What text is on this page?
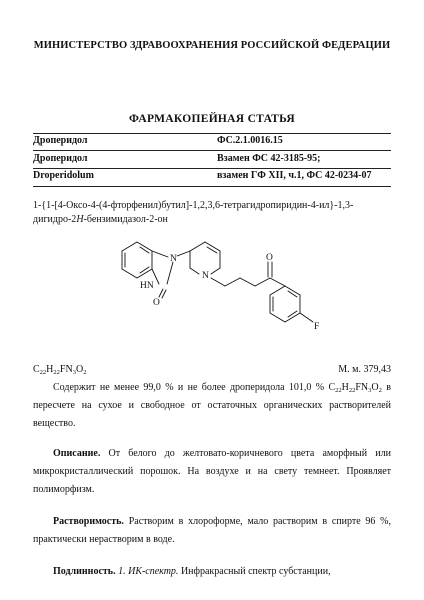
МИНИСТЕРСТВО ЗДРАВООХРАНЕНИЯ РОССИЙСКОЙ ФЕДЕРАЦИИ
ФАРМАКОПЕЙНАЯ СТАТЬЯ
Дроперидол	ФС.2.1.0016.15
Дроперидол	Взамен ФС 42-3185-95;
Droperidolum	взамен ГФ XII, ч.1, ФС 42-0234-07
1-{1-[4-Оксо-4-(4-фторфенил)бутил]-1,2,3,6-тетрагидропиридин-4-ил}-1,3-дигидро-2H-бензимидазол-2-он
HN
N
O
N
O
F
$C_{22}H_{22}FN_3O_2$	М. м. 379,43
Содержит не менее 99,0 % и не более дроперидола 101,0 % $C_{22}H_{22}FN_3O_2$ в пересчете на сухое и свободное от остаточных органических растворителей вещество.
Описание. От белого до желтовато-коричневого цвета аморфный или микрокристаллический порошок. На воздухе и на свету темнеет. Проявляет полиморфизм.
Растворимость. Растворим в хлороформе, мало растворим в спирте 96 %, практически нерастворим в воде.
Подлинность. 1. ИК-спектр. Инфракрасный спектр субстанции,
